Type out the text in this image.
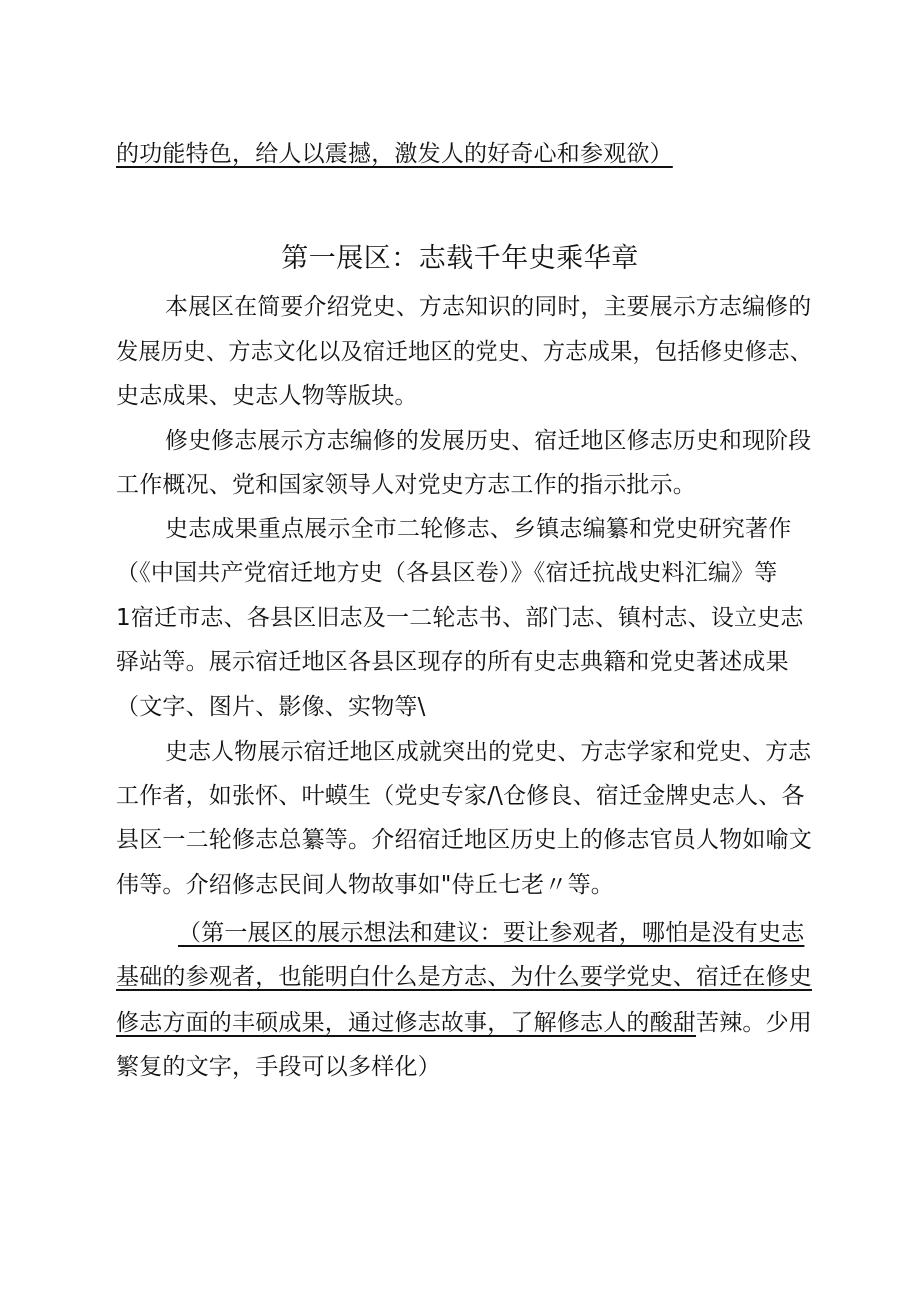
的功能特色，给人以震撼，激发人的好奇心和参观欲）
第一展区：志载千年史乘华章
本展区在简要介绍党史、方志知识的同时，主要展示方志编修的
发展历史、方志文化以及宿迁地区的党史、方志成果，包括修史修志、
史志成果、史志人物等版块。
修史修志展示方志编修的发展历史、宿迁地区修志历史和现阶段
工作概况、党和国家领导人对党史方志工作的指示批示。
史志成果重点展示全市二轮修志、乡镇志编纂和党史研究著作
（《中国共产党宿迁地方史（各县区卷）》《宿迁抗战史料汇编》等
1宿迁市志、各县区旧志及一二轮志书、部门志、镇村志、设立史志
驿站等。展示宿迁地区各县区现存的所有史志典籍和党史著述成果
（文字、图片、影像、实物等\
史志人物展示宿迁地区成就突出的党史、方志学家和党史、方志
工作者，如张怀、叶蟆生（党史专家∕\仓修良、宿迁金牌史志人、各
县区一二轮修志总纂等。介绍宿迁地区历史上的修志官员人物如喻文
伟等。介绍修志民间人物故事如"侍丘七老〃等。
（第一展区的展示想法和建议：要让参观者，哪怕是没有史志
基础的参观者，也能明白什么是方志、为什么要学党史、宿迁在修史
修志方面的丰硕成果，通过修志故事，了解修志人的酸甜苦辣。少用
繁复的文字，手段可以多样化）
